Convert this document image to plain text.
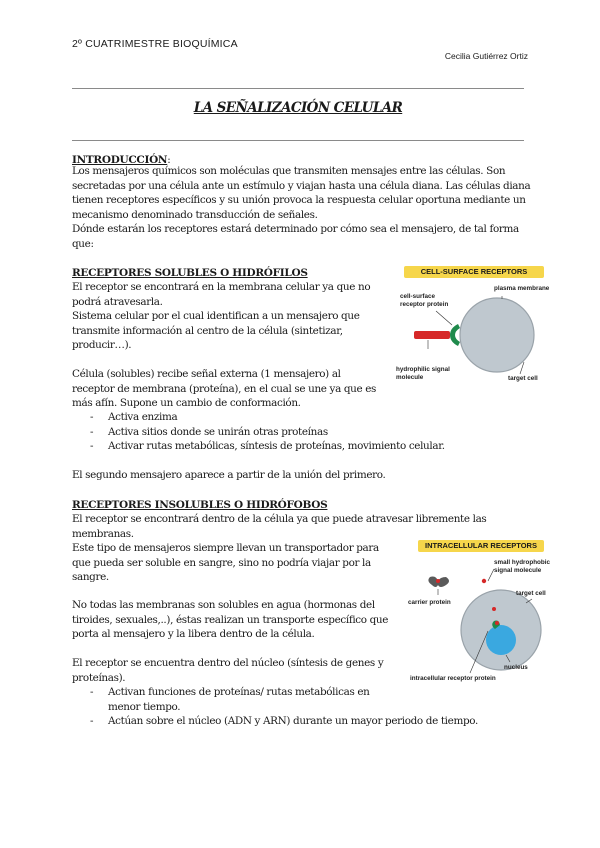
2º CUATRIMESTRE BIOQUÍMICA
Cecilia Gutiérrez Ortiz
LA SEÑALIZACIÓN CELULAR
INTRODUCCIÓN:
Los mensajeros químicos son moléculas que transmiten mensajes entre las células. Son
secretadas por una célula ante un estímulo y viajan hasta una célula diana. Las células diana
tienen receptores específicos y su unión provoca la respuesta celular oportuna mediante un
mecanismo denominado transducción de señales.
Dónde estarán los receptores estará determinado por cómo sea el mensajero, de tal forma
que:
RECEPTORES SOLUBLES O HIDRÓFILOS
El receptor se encontrará en la membrana celular ya que no
podrá atravesarla.
Sistema celular por el cual identifican a un mensajero que
transmite información al centro de la célula (sintetizar,
producir…).
Célula (solubles) recibe señal externa (1 mensajero) al
receptor de membrana (proteína), en el cual se une ya que es
más afín. Supone un cambio de conformación.
- Activa enzima
- Activa sitios donde se unirán otras proteínas
- Activar rutas metabólicas, síntesis de proteínas, movimiento celular.
El segundo mensajero aparece a partir de la unión del primero.
RECEPTORES INSOLUBLES O HIDRÓFOBOS
El receptor se encontrará dentro de la célula ya que puede atravesar libremente las
membranas.
Este tipo de mensajeros siempre llevan un transportador para
que pueda ser soluble en sangre, sino no podría viajar por la
sangre.
No todas las membranas son solubles en agua (hormonas del
tiroides, sexuales,..), éstas realizan un transporte específico que
porta al mensajero y la libera dentro de la célula.
El receptor se encuentra dentro del núcleo (síntesis de genes y
proteínas).
- Activan funciones de proteínas/ rutas metabólicas en
menor tiempo.
- Actúan sobre el núcleo (ADN y ARN) durante un mayor periodo de tiempo.
CELL-SURFACE RECEPTORS
cell-surface
receptor protein
plasma membrane
hydrophilic signal
molecule	target cell
INTRACELLULAR RECEPTORS
small hydrophobic
signal molecule
target cell
carrier protein
nucleus
intracellular receptor protein
